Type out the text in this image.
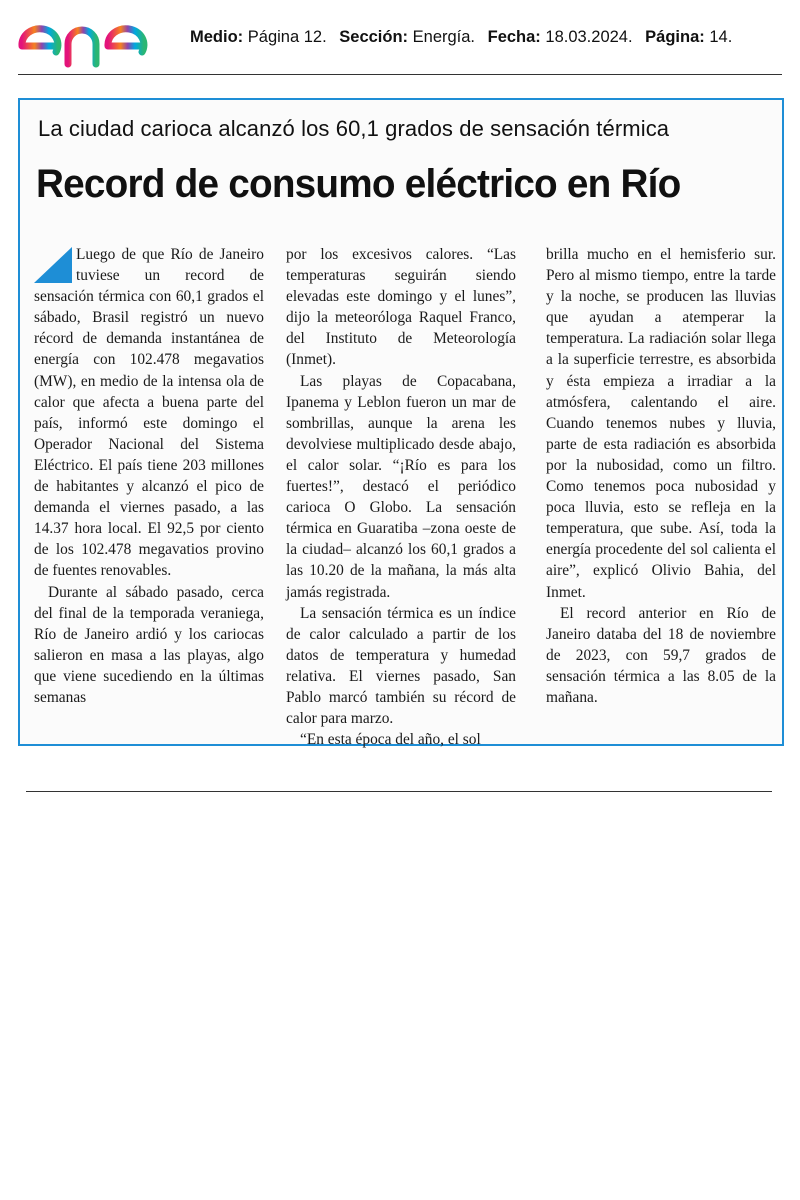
Medio: Página 12. Sección: Energía. Fecha: 18.03.2024. Página: 14.
La ciudad carioca alcanzó los 60,1 grados de sensación térmica
Record de consumo eléctrico en Río

Luego de que Río de Janeiro tuviese un record de sensación térmica con 60,1 grados el sábado, Brasil registró un nuevo récord de demanda instantánea de energía con 102.478 megavatios (MW), en medio de la intensa ola de calor que afecta a buena parte del país, informó este domingo el Operador Nacional del Sistema Eléctrico. El país tiene 203 millones de habitantes y alcanzó el pico de demanda el viernes pasado, a las 14.37 hora local. El 92,5 por ciento de los 102.478 megavatios provino de fuentes renovables.

Durante al sábado pasado, cerca del final de la temporada veraniega, Río de Janeiro ardió y los cariocas salieron en masa a las playas, algo que viene sucediendo en la últimas semanas

por los excesivos calores. “Las temperaturas seguirán siendo elevadas este domingo y el lunes”, dijo la meteoróloga Raquel Franco, del Instituto de Meteorología (Inmet).

Las playas de Copacabana, Ipanema y Leblon fueron un mar de sombrillas, aunque la arena les devolviese multiplicado desde abajo, el calor solar. “¡Río es para los fuertes!”, destacó el periódico carioca O Globo. La sensación térmica en Guaratiba –zona oeste de la ciudad– alcanzó los 60,1 grados a las 10.20 de la mañana, la más alta jamás registrada.

La sensación térmica es un índice de calor calculado a partir de los datos de temperatura y humedad relativa. El viernes pasado, San Pablo marcó también su récord de calor para marzo.

“En esta época del año, el sol

brilla mucho en el hemisferio sur. Pero al mismo tiempo, entre la tarde y la noche, se producen las lluvias que ayudan a atemperar la temperatura. La radiación solar llega a la superficie terrestre, es absorbida y ésta empieza a irradiar a la atmósfera, calentando el aire. Cuando tenemos nubes y lluvia, parte de esta radiación es absorbida por la nubosidad, como un filtro. Como tenemos poca nubosidad y poca lluvia, esto se refleja en la temperatura, que sube. Así, toda la energía procedente del sol calienta el aire”, explicó Olivio Bahia, del Inmet.

El record anterior en Río de Janeiro databa del 18 de noviembre de 2023, con 59,7 grados de sensación térmica a las 8.05 de la mañana.
